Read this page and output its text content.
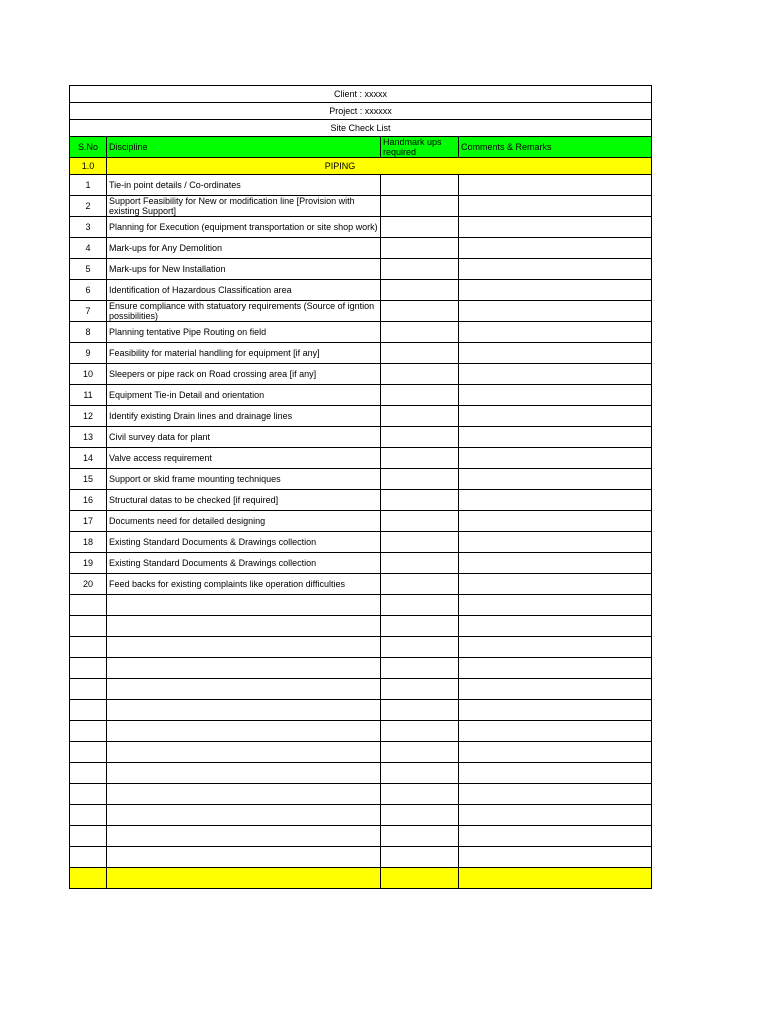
Client : xxxxx			
Project : xxxxxx			
Site Check List			
S.No	Discipline	Handmark ups required	Comments & Remarks
1.0	PIPING		
1	Tie-in point details / Co-ordinates		
2	Support Feasibility for New or modification line [Provision with existing Support]		
3	Planning for Execution (equipment transportation or site shop work)		
4	Mark-ups for Any Demolition		
5	Mark-ups for New Installation		
6	Identification of Hazardous Classification area		
7	Ensure compliance with statuatory requirements (Source of igntion possibilities)		
8	Planning tentative Pipe Routing on field		
9	Feasibility for material handling for equipment [if any]		
10	Sleepers or pipe rack on Road crossing area [if any]		
11	Equipment Tie-in Detail and orientation		
12	Identify existing Drain lines and drainage lines		
13	Civil survey data for plant		
14	Valve access requirement		
15	Support or skid frame mounting techniques		
16	Structural datas to be checked [if required]		
17	Documents need for detailed designing		
18	Existing Standard Documents & Drawings collection		
19	Existing Standard Documents & Drawings collection		
20	Feed backs for existing complaints like operation difficulties		
